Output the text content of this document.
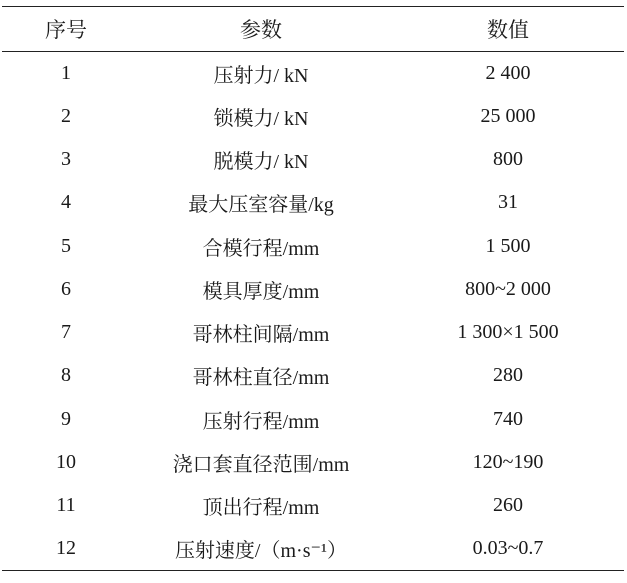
序号	参数	数值
1	压射力/ kN	2 400
2	锁模力/ kN	25 000
3	脱模力/ kN	800
4	最大压室容量/kg	31
5	合模行程/mm	1 500
6	模具厚度/mm	800~2 000
7	哥林柱间隔/mm	1 300×1 500
8	哥林柱直径/mm	280
9	压射行程/mm	740
10	浇口套直径范围/mm	120~190
11	顶出行程/mm	260
12	压射速度/（m·s⁻¹）	0.03~0.7
